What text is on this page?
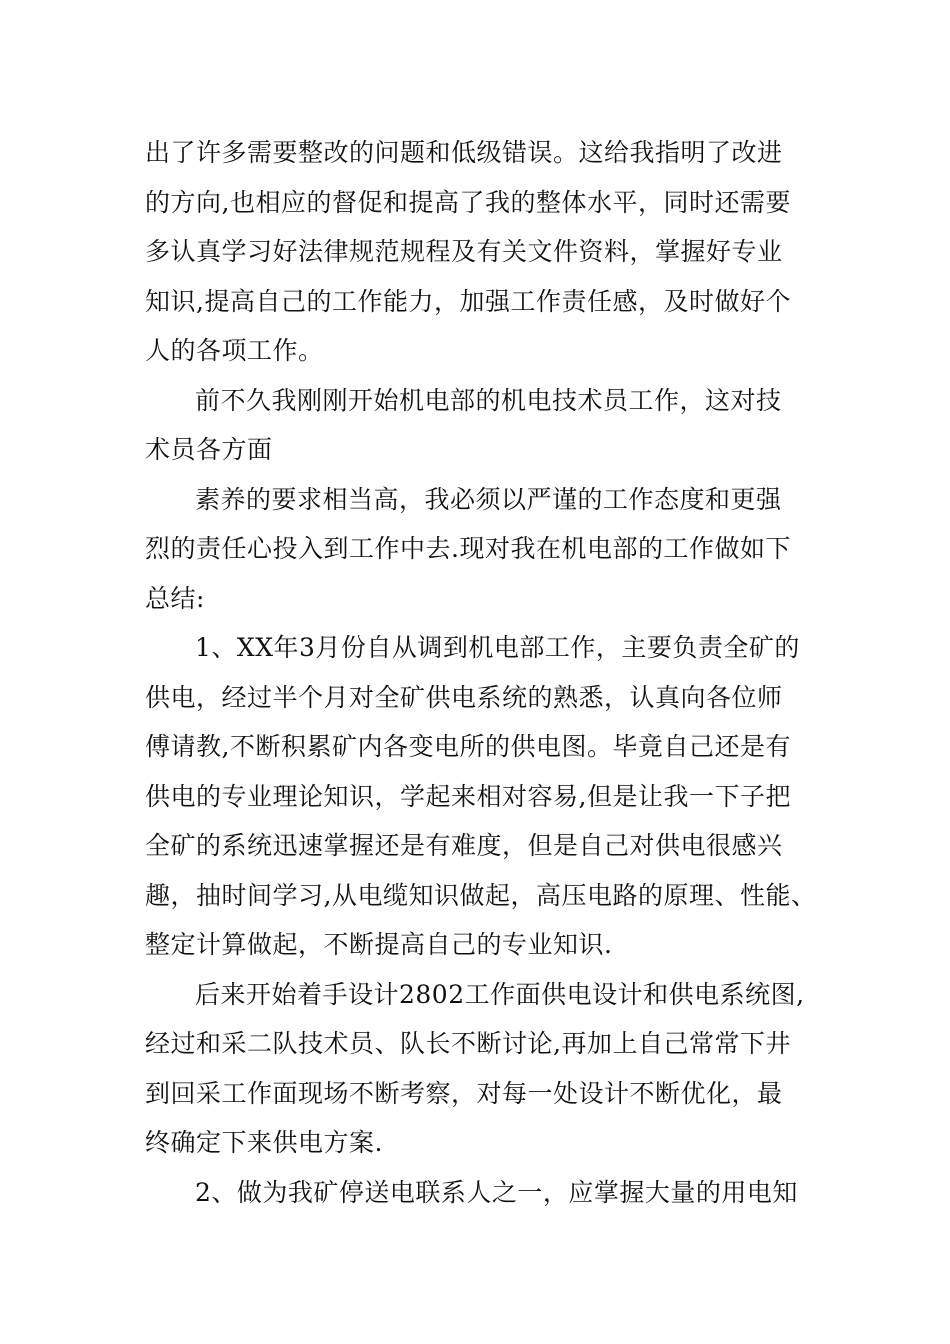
出了许多需要整改的问题和低级错误。这给我指明了改进
的方向,也相应的督促和提高了我的整体水平，同时还需要
多认真学习好法律规范规程及有关文件资料，掌握好专业
知识,提高自己的工作能力，加强工作责任感，及时做好个
人的各项工作。
前不久我刚刚开始机电部的机电技术员工作，这对技
术员各方面
素养的要求相当高，我必须以严谨的工作态度和更强
烈的责任心投入到工作中去.现对我在机电部的工作做如下
总结:
1、XX年3月份自从调到机电部工作，主要负责全矿的
供电，经过半个月对全矿供电系统的熟悉，认真向各位师
傅请教,不断积累矿内各变电所的供电图。毕竟自己还是有
供电的专业理论知识，学起来相对容易,但是让我一下子把
全矿的系统迅速掌握还是有难度，但是自己对供电很感兴
趣，抽时间学习,从电缆知识做起，高压电路的原理、性能、
整定计算做起，不断提高自己的专业知识.
后来开始着手设计2802工作面供电设计和供电系统图,
经过和采二队技术员、队长不断讨论,再加上自己常常下井
到回采工作面现场不断考察，对每一处设计不断优化，最
终确定下来供电方案.
2、做为我矿停送电联系人之一，应掌握大量的用电知
